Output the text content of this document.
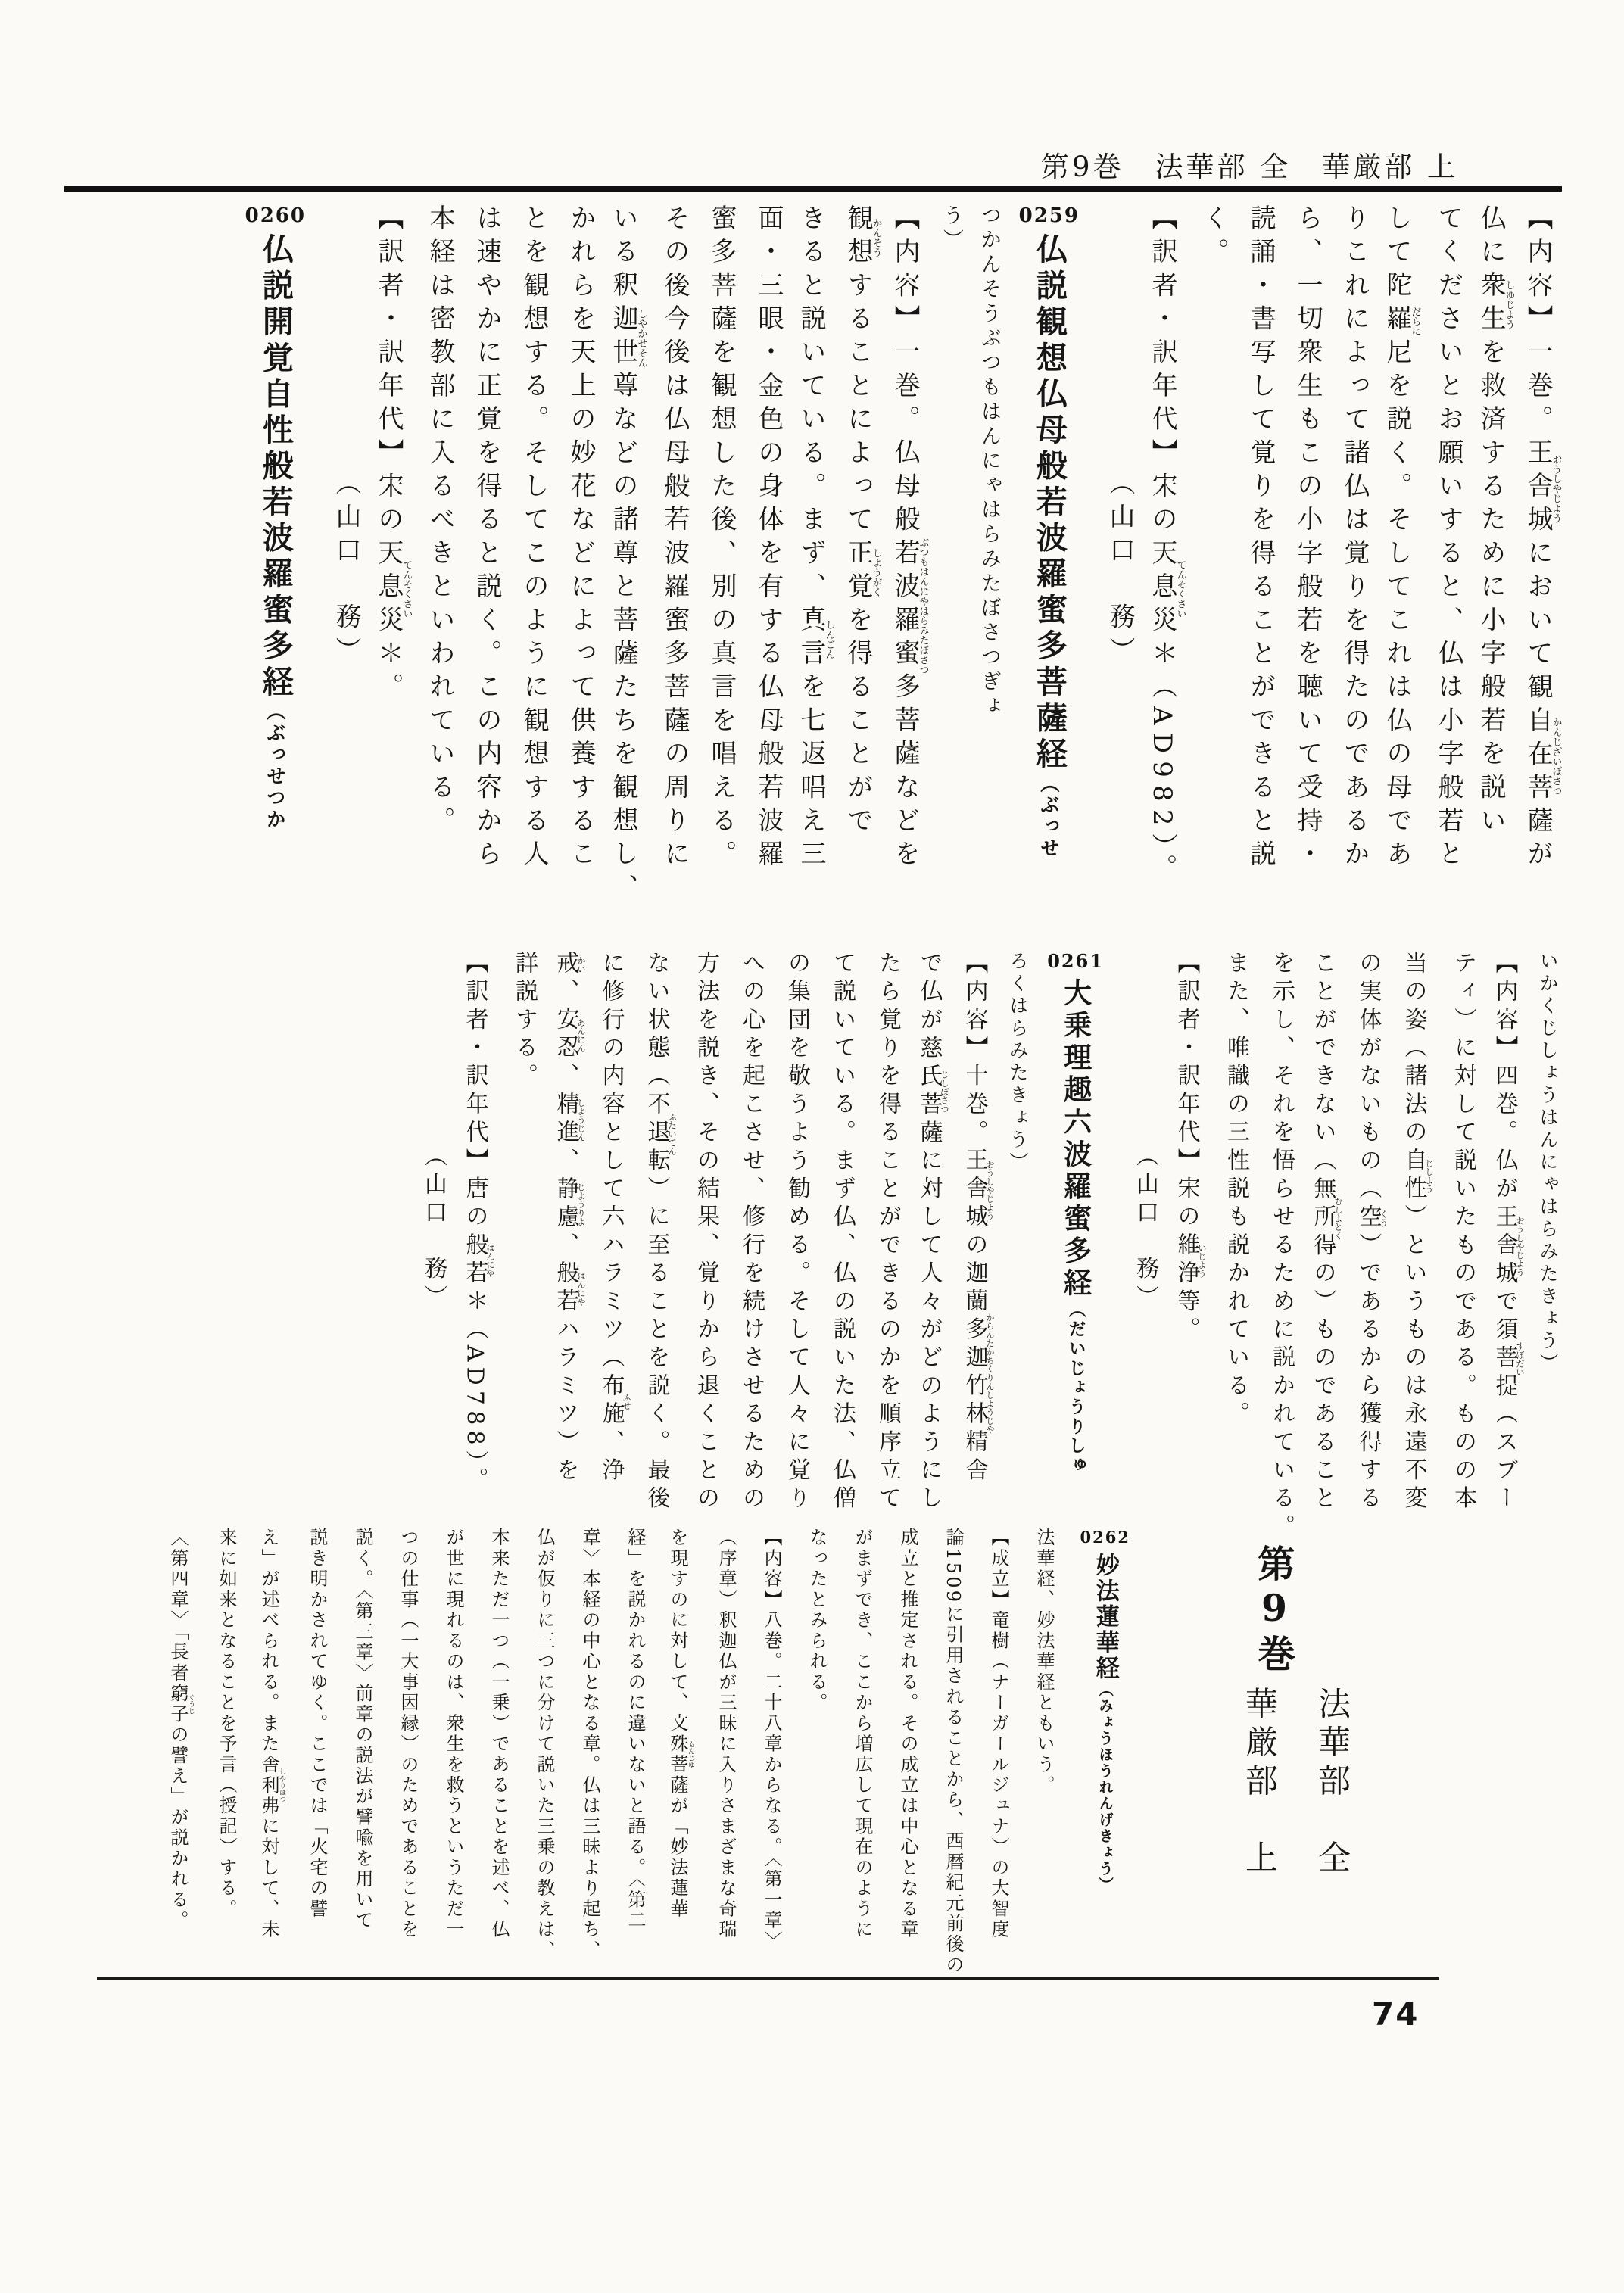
第9巻　法華部 全　華厳部 上
【内容】一巻。王舎城おうしやじようにおいて観自在菩薩かんじざいぼさつが
仏に衆生しゆじようを救済するために小字般若を説い
てくださいとお願いすると、仏は小字般若と
して陀羅尼だらにを説く。そしてこれは仏の母であ
りこれによって諸仏は覚りを得たのであるか
ら、一切衆生もこの小字般若を聴いて受持・
読誦・書写して覚りを得ることができると説
く。
【訳者・訳年代】宋の天息災てんそくさい＊（AD982）。
（山口　務）
0259仏説観想仏母般若波羅蜜多菩薩経（ぶっせ
つかんそうぶつもはんにゃはらみたぼさつぎょ
う）
【内容】一巻。仏母般若波羅蜜多菩薩ぶつもはんにやはらみたぼさつなどを
観想かんそうすることによって正覚しようがくを得ることがで
きると説いている。まず、真言しんごんを七返唱え三
面・三眼・金色の身体を有する仏母般若波羅
蜜多菩薩を観想した後、別の真言を唱える。
その後今後は仏母般若波羅蜜多菩薩の周りに
いる釈迦世尊しやかせそんなどの諸尊と菩薩たちを観想し、
かれらを天上の妙花などによって供養するこ
とを観想する。そしてこのように観想する人
は速やかに正覚を得ると説く。この内容から
本経は密教部に入るべきといわれている。
【訳者・訳年代】宋の天息災てんそくさい＊。
（山口　務）
0260仏説開覚自性般若波羅蜜多経（ぶっせつか
いかくじしょうはんにゃはらみたきょう）
【内容】四巻。仏が王舎城おうしやじようで須菩提すぼだい（スブー
ティ）に対して説いたものである。ものの本
当の姿（諸法の自性じしよう）というものは永遠不変
の実体がないもの（空くう）であるから獲得する
ことができない（無所得むしよとくの）ものであること
を示し、それを悟らせるために説かれている。
また、唯識の三性説も説かれている。
【訳者・訳年代】宋の維浄いじよう等。
（山口　務）
0261大乗理趣六波羅蜜多経（だいじょうりしゅ
ろくはらみたきょう）
【内容】十巻。王舎城おうしやじようの迦蘭多迦竹林精舎からんたかちくりんしようじや
で仏が慈氏菩薩じしぼさつに対して人々がどのようにし
たら覚りを得ることができるのかを順序立て
て説いている。まず仏、仏の説いた法、仏僧
の集団を敬うよう勧める。そして人々に覚り
への心を起こさせ、修行を続けさせるための
方法を説き、その結果、覚りから退くことの
ない状態（不退転ふたいてん）に至ることを説く。最後
に修行の内容として六ハラミツ（布施ふせ、浄
戒かい、安忍あんにん、精進しようじん、静慮じようりよ、般若はんにやハラミツ）を
詳説する。
【訳者・訳年代】唐の般若はんにや＊（AD788）。
（山口　務）
0262妙法蓮華経（みょうほうれんげきょう）
法華経、妙法華経ともいう。
【成立】竜樹（ナーガールジュナ）の大智度
論1509に引用されることから、西暦紀元前後の
成立と推定される。その成立は中心となる章
がまずでき、ここから増広して現在のように
なったとみられる。
【内容】八巻。二十八章からなる。〈第一章〉
（序章）釈迦仏が三昧に入りさまざまな奇瑞
を現すのに対して、文殊菩薩もんじゆが「妙法蓮華
経」を説かれるのに違いないと語る。〈第二
章〉本経の中心となる章。仏は三昧より起ち、
仏が仮りに三つに分けて説いた三乗の教えは、
本来ただ一つ（一乗）であることを述べ、仏
が世に現れるのは、衆生を救うというただ一
つの仕事（一大事因縁）のためであることを
説く。〈第三章〉前章の説法が譬喩を用いて
説き明かされてゆく。ここでは「火宅の譬
え」が述べられる。また舎利弗しやりほつに対して、未
来に如来となることを予言（授記）する。
〈第四章〉「長者窮子ぐうじの譬え」が説かれる。
第9巻
法華部　全
華厳部　上
74
